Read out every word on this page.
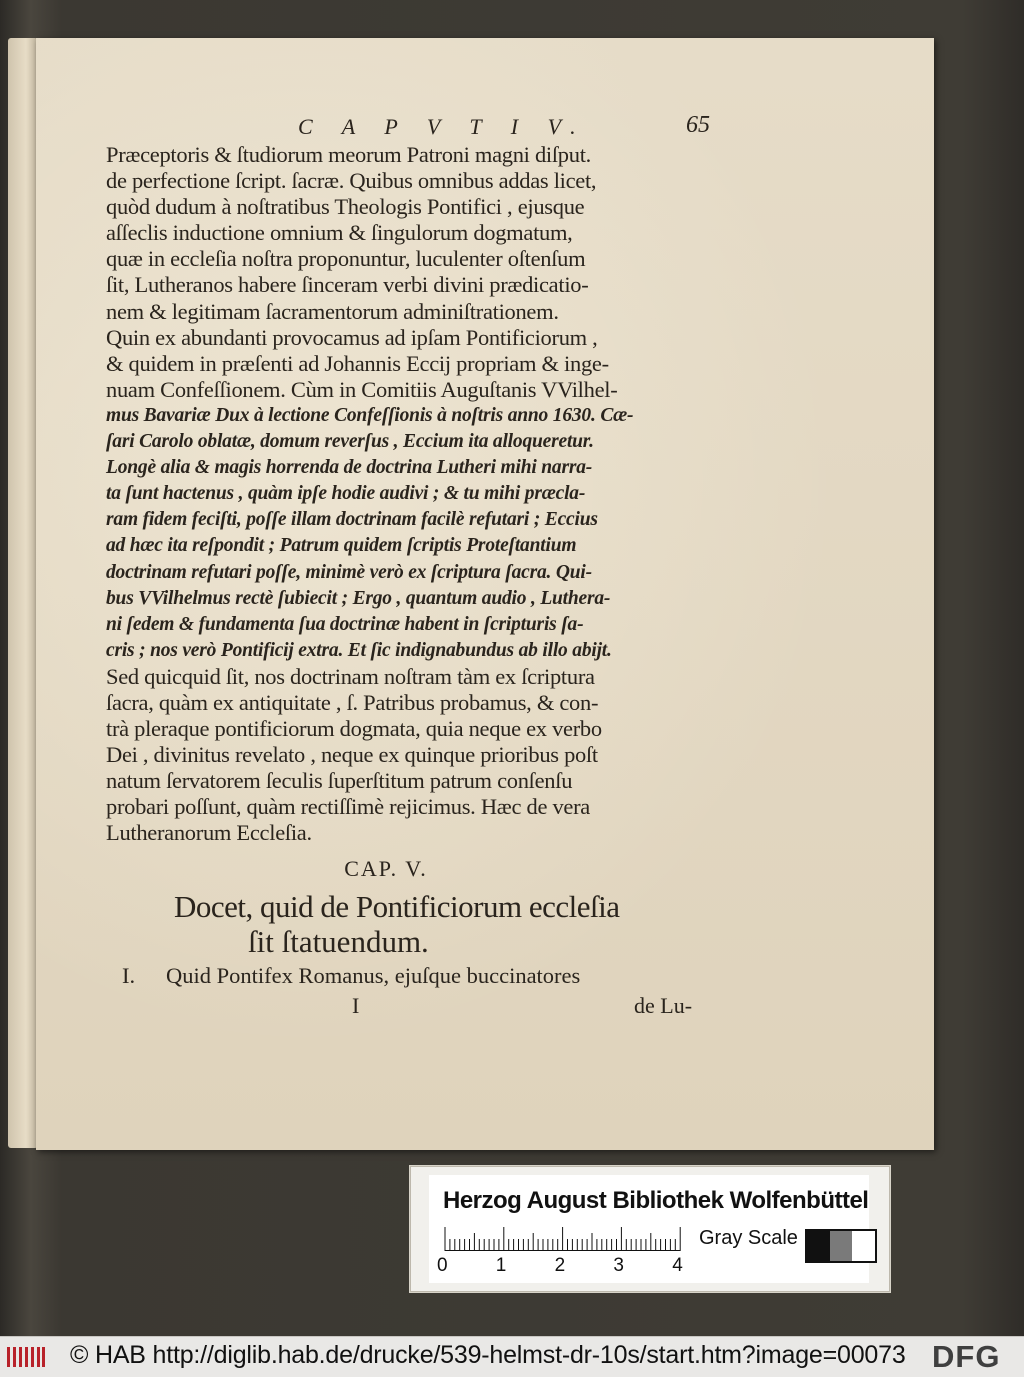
C A P V T I V.	65
Præceptoris & ſtudiorum meorum Patroni magni diſput.
de perfectione ſcript. ſacræ. Quibus omnibus addas licet,
quòd dudum à noſtratibus Theologis Pontifici , ejusque
aſſeclis inductione omnium & ſingulorum dogmatum,
quæ in eccleſia noſtra proponuntur, luculenter oſtenſum
ſit, Lutheranos habere ſinceram verbi divini prædicatio-
nem & legitimam ſacramentorum adminiſtrationem.
Quin ex abundanti provocamus ad ipſam Pontificiorum ,
& quidem in præſenti ad Johannis Eccij propriam & inge-
nuam Confeſſionem. Cùm in Comitiis Auguſtanis VVilhel-
mus Bavariæ Dux à lectione Confeſſionis à noſtris anno 1630. Cæ-
ſari Carolo oblatæ, domum reverſus , Eccium ita alloqueretur.
Longè alia & magis horrenda de doctrina Lutheri mihi narra-
ta ſunt hactenus , quàm ipſe hodie audivi ; & tu mihi præcla-
ram fidem feciſti, poſſe illam doctrinam facilè refutari ; Eccius
ad hæc ita reſpondit ; Patrum quidem ſcriptis Proteſtantium
doctrinam refutari poſſe, minimè verò ex ſcriptura ſacra. Qui-
bus VVilhelmus rectè ſubiecit ; Ergo , quantum audio , Luthera-
ni ſedem & fundamenta ſua doctrinæ habent in ſcripturis ſa-
cris ; nos verò Pontificij extra. Et ſic indignabundus ab illo abijt.
Sed quicquid ſit, nos doctrinam noſtram tàm ex ſcriptura
ſacra, quàm ex antiquitate , ſ. Patribus probamus, & con-
trà pleraque pontificiorum dogmata, quia neque ex verbo
Dei , divinitus revelato , neque ex quinque prioribus poſt
natum ſervatorem ſeculis ſuperſtitum patrum conſenſu
probari poſſunt, quàm rectiſſimè rejicimus. Hæc de vera
Lutheranorum Eccleſia.
CAP. V.
Docet, quid de Pontificiorum eccleſia
ſit ſtatuendum.
I. Quid Pontifex Romanus, ejuſque buccinatores
I	de Lu-
Herzog August Bibliothek Wolfenbüttel
0	1	2	3	4
Gray Scale
© HAB http://diglib.hab.de/drucke/539-helmst-dr-10s/start.htm?image=00073 DFG
